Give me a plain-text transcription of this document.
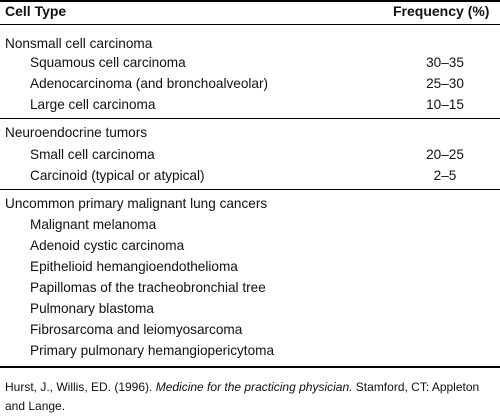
Cell Type	Frequency (%)
Nonsmall cell carcinoma
Squamous cell carcinoma	30–35
Adenocarcinoma (and bronchoalveolar)	25–30
Large cell carcinoma	10–15
Neuroendocrine tumors
Small cell carcinoma	20–25
Carcinoid (typical or atypical)	2–5
Uncommon primary malignant lung cancers
Malignant melanoma
Adenoid cystic carcinoma
Epithelioid hemangioendothelioma
Papillomas of the tracheobronchial tree
Pulmonary blastoma
Fibrosarcoma and leiomyosarcoma
Primary pulmonary hemangiopericytoma
Hurst, J., Willis, ED. (1996). Medicine for the practicing physician. Stamford, CT: Appleton and Lange.
